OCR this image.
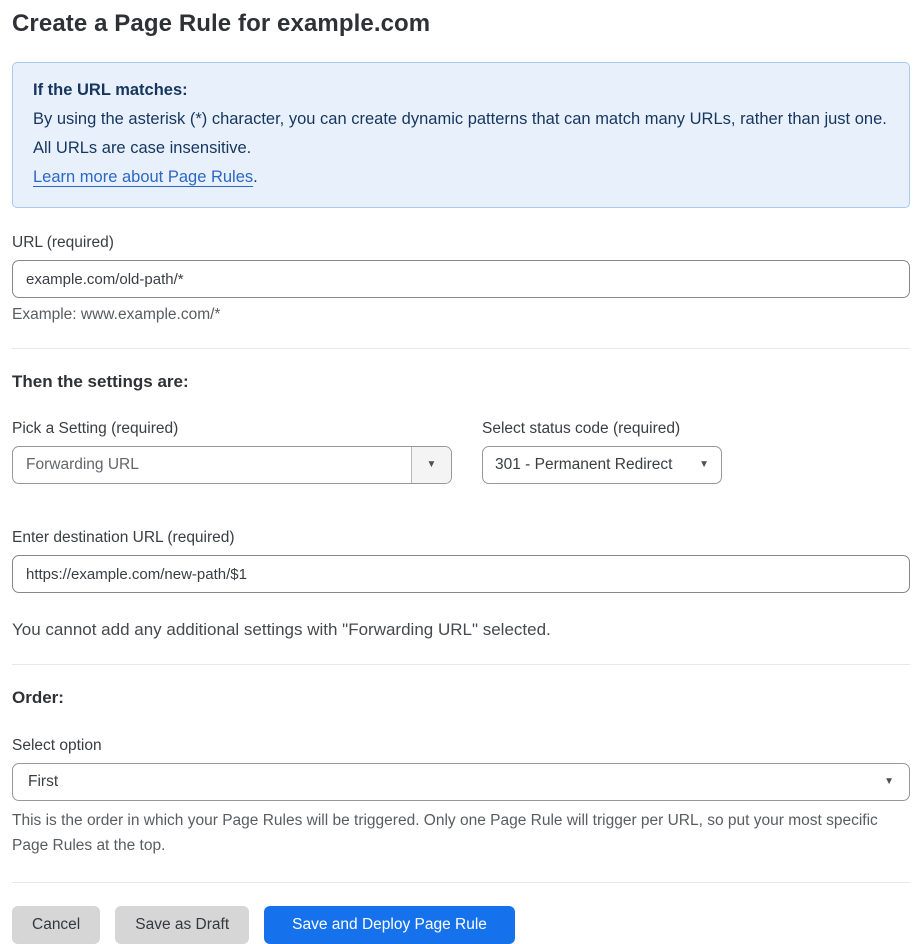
Create a Page Rule for example.com
If the URL matches:
By using the asterisk (*) character, you can create dynamic patterns that can match many URLs, rather than just one. All URLs are case insensitive.
Learn more about Page Rules.
URL (required)
example.com/old-path/*
Example: www.example.com/*
Then the settings are:
Pick a Setting (required)
Forwarding URL	▼
Select status code (required)
301 - Permanent Redirect	▼
Enter destination URL (required)
https://example.com/new-path/$1

You cannot add any additional settings with "Forwarding URL" selected.

Order:
Select option
First	▼

This is the order in which your Page Rules will be triggered. Only one Page Rule will trigger per URL, so put your most specific Page Rules at the top.

Cancel	Save as Draft	Save and Deploy Page Rule
